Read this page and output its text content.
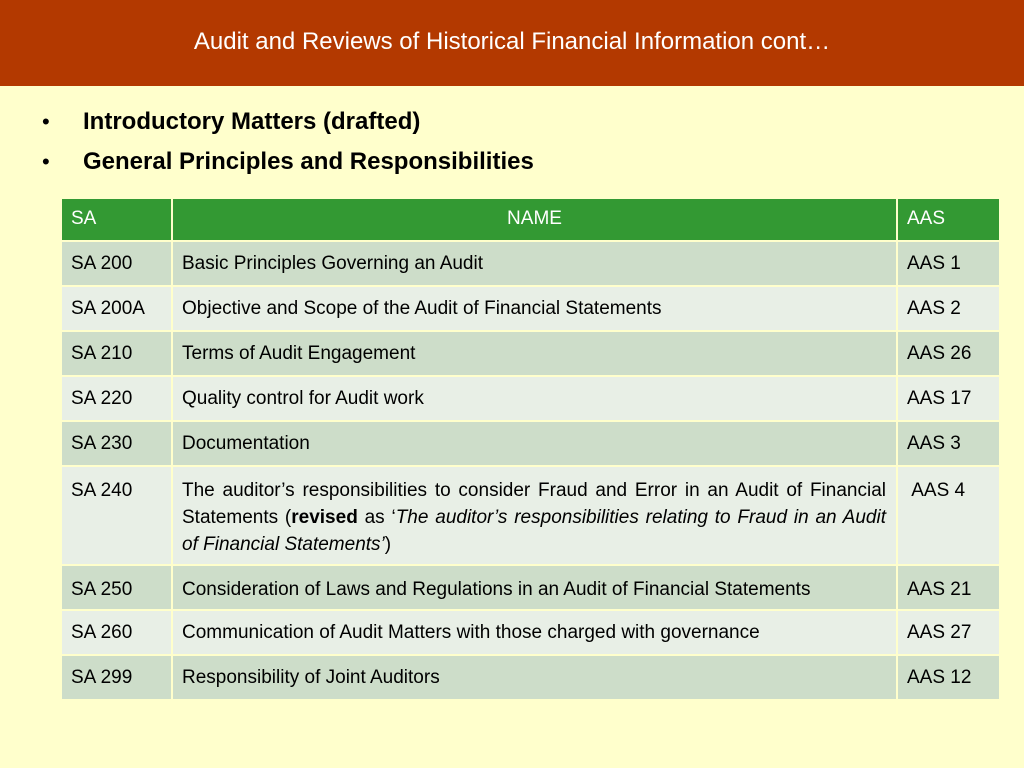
Audit and Reviews of Historical Financial Information cont…
•	Introductory Matters (drafted)
•	General Principles and Responsibilities
SA	NAME	AAS
SA 200	Basic Principles Governing an Audit	AAS 1
SA 200A	Objective and Scope of the Audit of Financial Statements	AAS 2
SA 210	Terms of Audit Engagement	AAS 26
SA 220	Quality control for Audit work	AAS 17
SA 230	Documentation	AAS 3
SA 240	The auditor’s responsibilities to consider Fraud and Error in an Audit of Financial Statements (revised as ‘The auditor’s responsibilities relating to Fraud in an Audit of Financial Statements’)	AAS 4
SA 250	Consideration of Laws and Regulations in an Audit of Financial Statements	AAS 21
SA 260	Communication of Audit Matters with those charged with governance	AAS 27
SA 299	Responsibility of Joint Auditors	AAS 12
